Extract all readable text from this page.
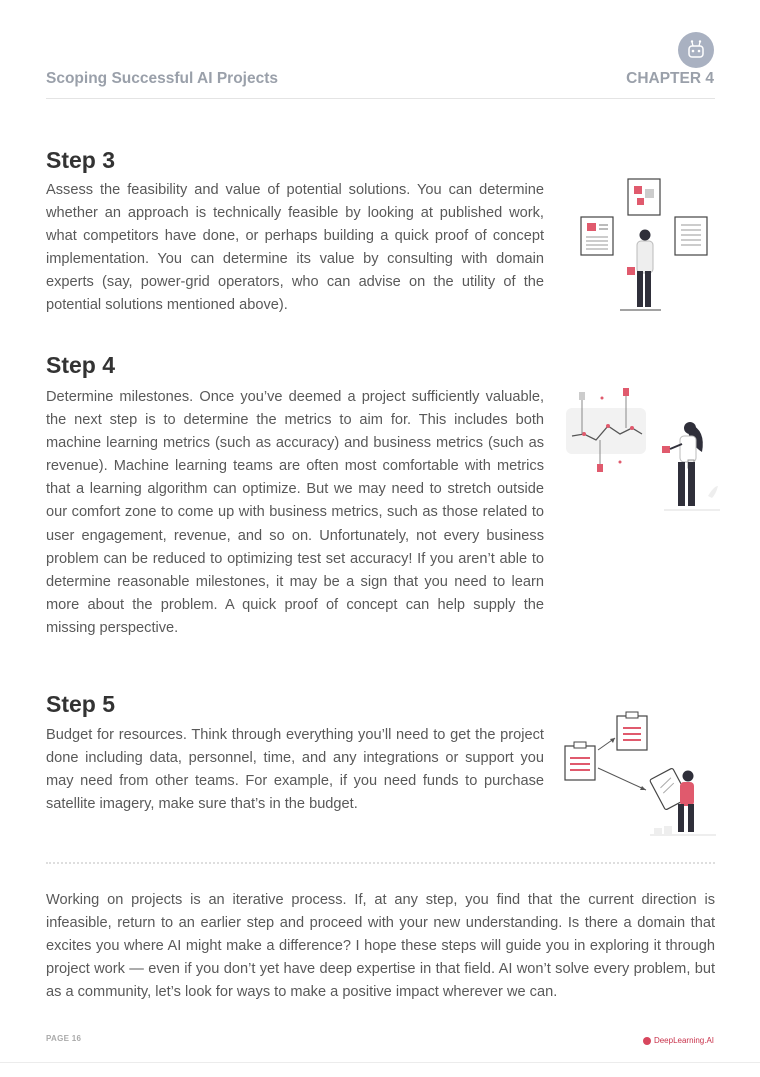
Scoping Successful AI Projects	CHAPTER 4
Step 3

Assess the feasibility and value of potential solutions. You can determine whether an approach is technically feasible by looking at published work, what competitors have done, or perhaps building a quick proof of concept implementation. You can determine its value by consulting with domain experts (say, power-grid operators, who can advise on the utility of the potential solutions mentioned above).

Step 4

Determine milestones. Once you’ve deemed a project sufficiently valuable, the next step is to determine the metrics to aim for. This includes both machine learning metrics (such as accuracy) and business metrics (such as revenue). Machine learning teams are often most comfortable with metrics that a learning algorithm can optimize. But we may need to stretch outside our comfort zone to come up with business metrics, such as those related to user engagement, revenue, and so on. Unfortunately, not every business problem can be reduced to optimizing test set accuracy! If you aren’t able to determine reasonable milestones, it may be a sign that you need to learn more about the problem. A quick proof of concept can help supply the missing perspective.

Step 5

Budget for resources. Think through everything you’ll need to get the project done including data, personnel, time, and any integrations or support you may need from other teams. For example, if you need funds to purchase satellite imagery, make sure that’s in the budget.

Working on projects is an iterative process. If, at any step, you find that the current direction is infeasible, return to an earlier step and proceed with your new understanding. Is there a domain that excites you where AI might make a difference? I hope these steps will guide you in exploring it through project work — even if you don’t yet have deep expertise in that field. AI won’t solve every problem, but as a community, let’s look for ways to make a positive impact wherever we can.

PAGE 16	DeepLearning.AI
